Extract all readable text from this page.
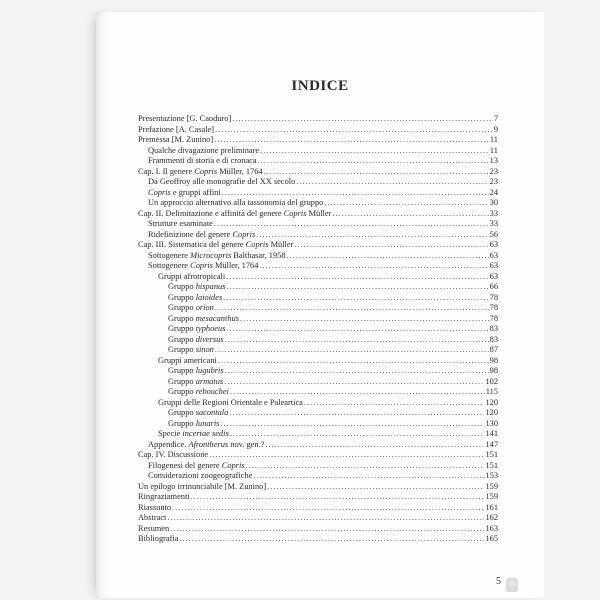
INDICE
Presentazione [G. Caoduro] .....	7
Prefazione [A. Casale] .....	9
Premessa [M. Zunino] .....	11
Qualche divagazione preliminare .....	11
Frammenti di storia e di cronaca .....	13
Cap. I. Il genere Copris Müller, 1764 .....	23
Da Geoffroy alle monografie del XX secolo .....	23
Copris e gruppi affini .....	24
Un approccio alternativo alla tassonomia del gruppo .....	30
Cap. II. Delimitazione e affinità del genere Copris Müller .....	33
Strutture esaminate .....	33
Ridefinizione del genere Copris .....	56
Cap. III. Sistematica del genere Copris Müller .....	63
Sottogenere Microcopris Balthasar, 1958 .....	63
Sottogenere Copris Müller, 1764 .....	63
Gruppi afrotropicali .....	63
Gruppo hispanus .....	66
Gruppo laioides .....	78
Gruppo orion .....	78
Gruppo mesacanthus .....	78
Gruppo typhoeus .....	83
Gruppo diversus .....	83
Gruppo sinon .....	87
Gruppi americani .....	98
Gruppo lugubris .....	98
Gruppo armatus .....	102
Gruppo rebouchei .....	115
Gruppi delle Regioni Orientale e Paleartica .....	120
Gruppo sacontala .....	120
Gruppo lunaris .....	130
Specie incertae sedis .....	141
Appendice. Afrontherus nov. gen.? .....	147
Cap. IV. Discussione .....	151
Filogenesi del genere Copris .....	151
Considerazioni zoogeografiche .....	153
Un epilogo irrinunciabile [M. Zunino] .....	159
Ringraziamenti .....	159
Riassunto .....	161
Abstract .....	162
Resumen .....	163
Bibliografia .....	165
5
